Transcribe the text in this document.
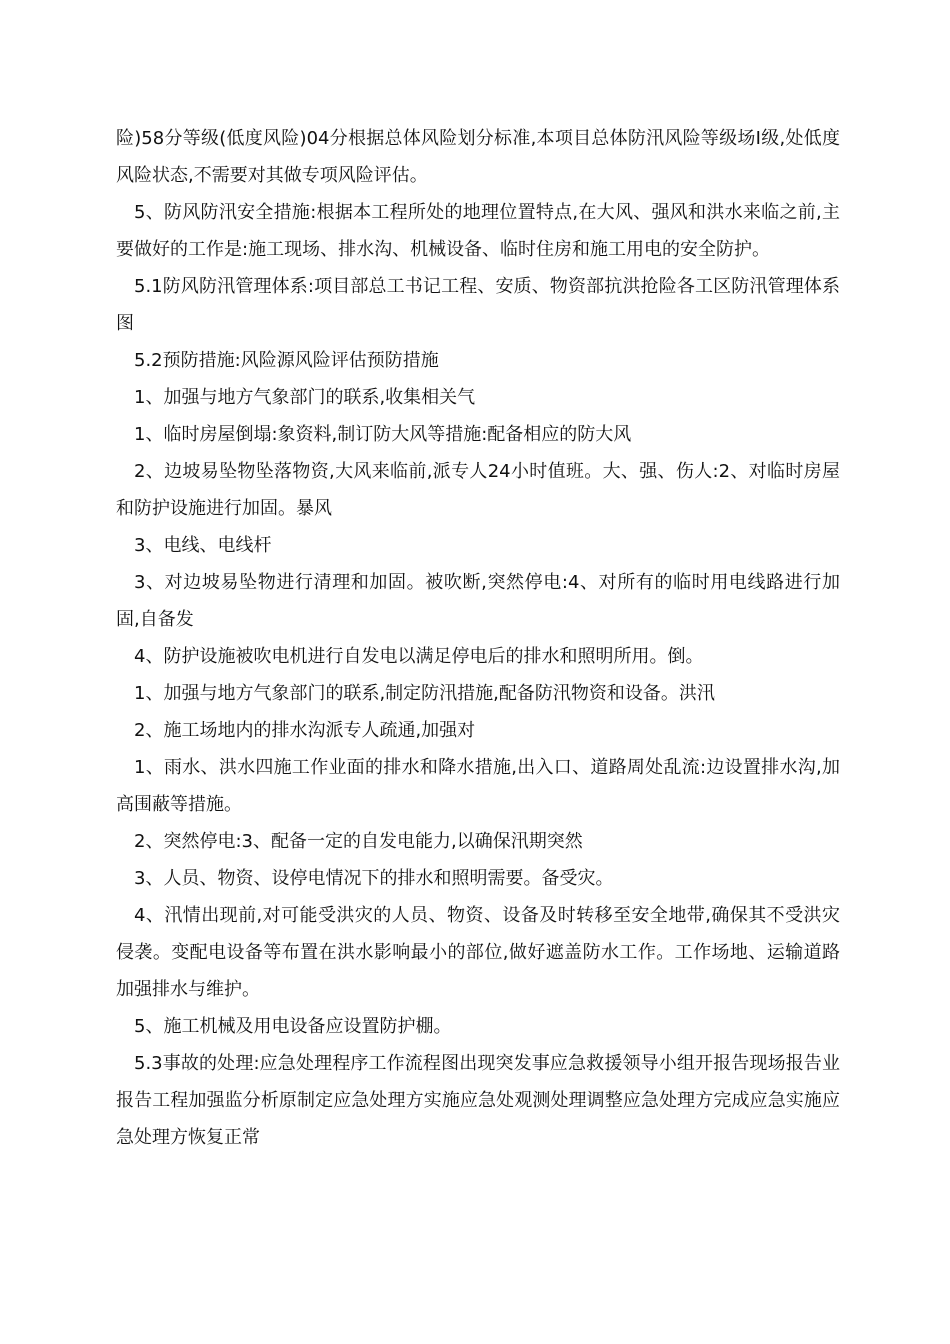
险)58分等级(低度风险)04分根据总体风险划分标准,本项目总体防汛风险等级场Ⅰ级,处低度风险状态,不需要对其做专项风险评估。

5、防风防汛安全措施:根据本工程所处的地理位置特点,在大风、强风和洪水来临之前,主要做好的工作是:施工现场、排水沟、机械设备、临时住房和施工用电的安全防护。

5.1防风防汛管理体系:项目部总工书记工程、安质、物资部抗洪抢险各工区防汛管理体系图

5.2预防措施:风险源风险评估预防措施

1、加强与地方气象部门的联系,收集相关气

1、临时房屋倒塌:象资料,制订防大风等措施:配备相应的防大风

2、边坡易坠物坠落物资,大风来临前,派专人24小时值班。大、强、伤人:2、对临时房屋和防护设施进行加固。暴风

3、电线、电线杆

3、对边坡易坠物进行清理和加固。被吹断,突然停电:4、对所有的临时用电线路进行加固,自备发

4、防护设施被吹电机进行自发电以满足停电后的排水和照明所用。倒。

1、加强与地方气象部门的联系,制定防汛措施,配备防汛物资和设备。洪汛

2、施工场地内的排水沟派专人疏通,加强对

1、雨水、洪水四施工作业面的排水和降水措施,出入口、道路周处乱流:边设置排水沟,加高围蔽等措施。

2、突然停电:3、配备一定的自发电能力,以确保汛期突然

3、人员、物资、设停电情况下的排水和照明需要。备受灾。

4、汛情出现前,对可能受洪灾的人员、物资、设备及时转移至安全地带,确保其不受洪灾侵袭。变配电设备等布置在洪水影响最小的部位,做好遮盖防水工作。工作场地、运输道路加强排水与维护。

5、施工机械及用电设备应设置防护棚。

5.3事故的处理:应急处理程序工作流程图出现突发事应急救援领导小组开报告现场报告业报告工程加强监分析原制定应急处理方实施应急处观测处理调整应急处理方完成应急实施应急处理方恢复正常
